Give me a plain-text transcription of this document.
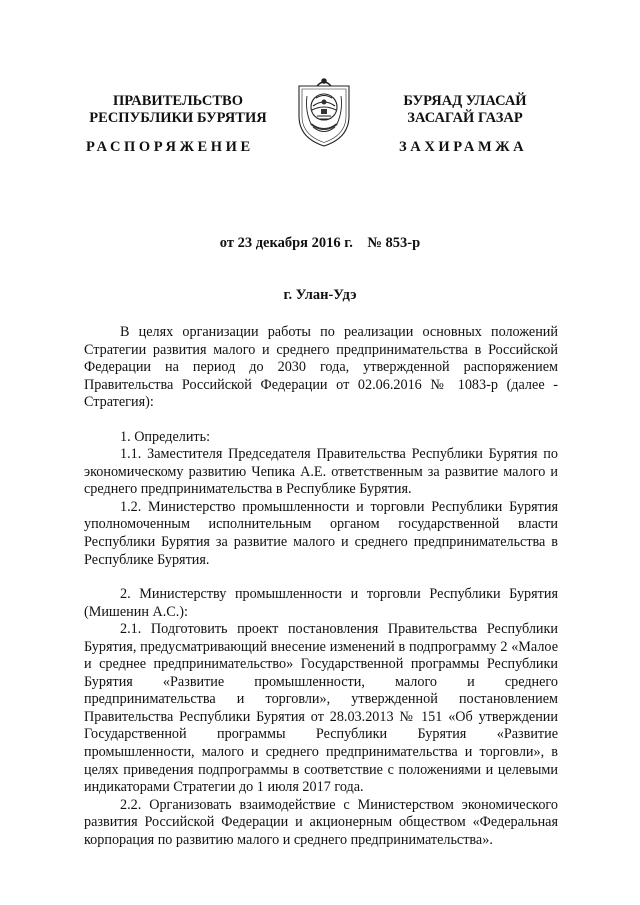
ПРАВИТЕЛЬСТВО
РЕСПУБЛИКИ БУРЯТИЯ
БУРЯАД УЛАСАЙ
ЗАСАГАЙ ГАЗАР
РАСПОРЯЖЕНИЕ	ЗАХИРАМЖА
от 23 декабря 2016 г.    № 853-р
г. Улан-Удэ

В целях организации работы по реализации основных положений Стратегии развития малого и среднего предпринимательства в Российской Федерации на период до 2030 года, утвержденной распоряжением Правительства Российской Федерации от 02.06.2016 № 1083-р (далее - Стратегия):

1. Определить:

1.1. Заместителя Председателя Правительства Республики Бурятия по экономическому развитию Чепика А.Е. ответственным за развитие малого и среднего предпринимательства в Республике Бурятия.

1.2. Министерство промышленности и торговли Республики Бурятия уполномоченным исполнительным органом государственной власти Республики Бурятия за развитие малого и среднего предпринимательства в Республике Бурятия.

2. Министерству промышленности и торговли Республики Бурятия (Мишенин А.С.):

2.1. Подготовить проект постановления Правительства Республики Бурятия, предусматривающий внесение изменений в подпрограмму 2 «Малое и среднее предпринимательство» Государственной программы Республики Бурятия «Развитие промышленности, малого и среднего предпринимательства и торговли», утвержденной постановлением Правительства Республики Бурятия от 28.03.2013 № 151 «Об утверждении Государственной программы Республики Бурятия «Развитие промышленности, малого и среднего предпринимательства и торговли», в целях приведения подпрограммы в соответствие с положениями и целевыми индикаторами Стратегии до 1 июля 2017 года.

2.2. Организовать взаимодействие с Министерством экономического развития Российской Федерации и акционерным обществом «Федеральная корпорация по развитию малого и среднего предпринимательства».
